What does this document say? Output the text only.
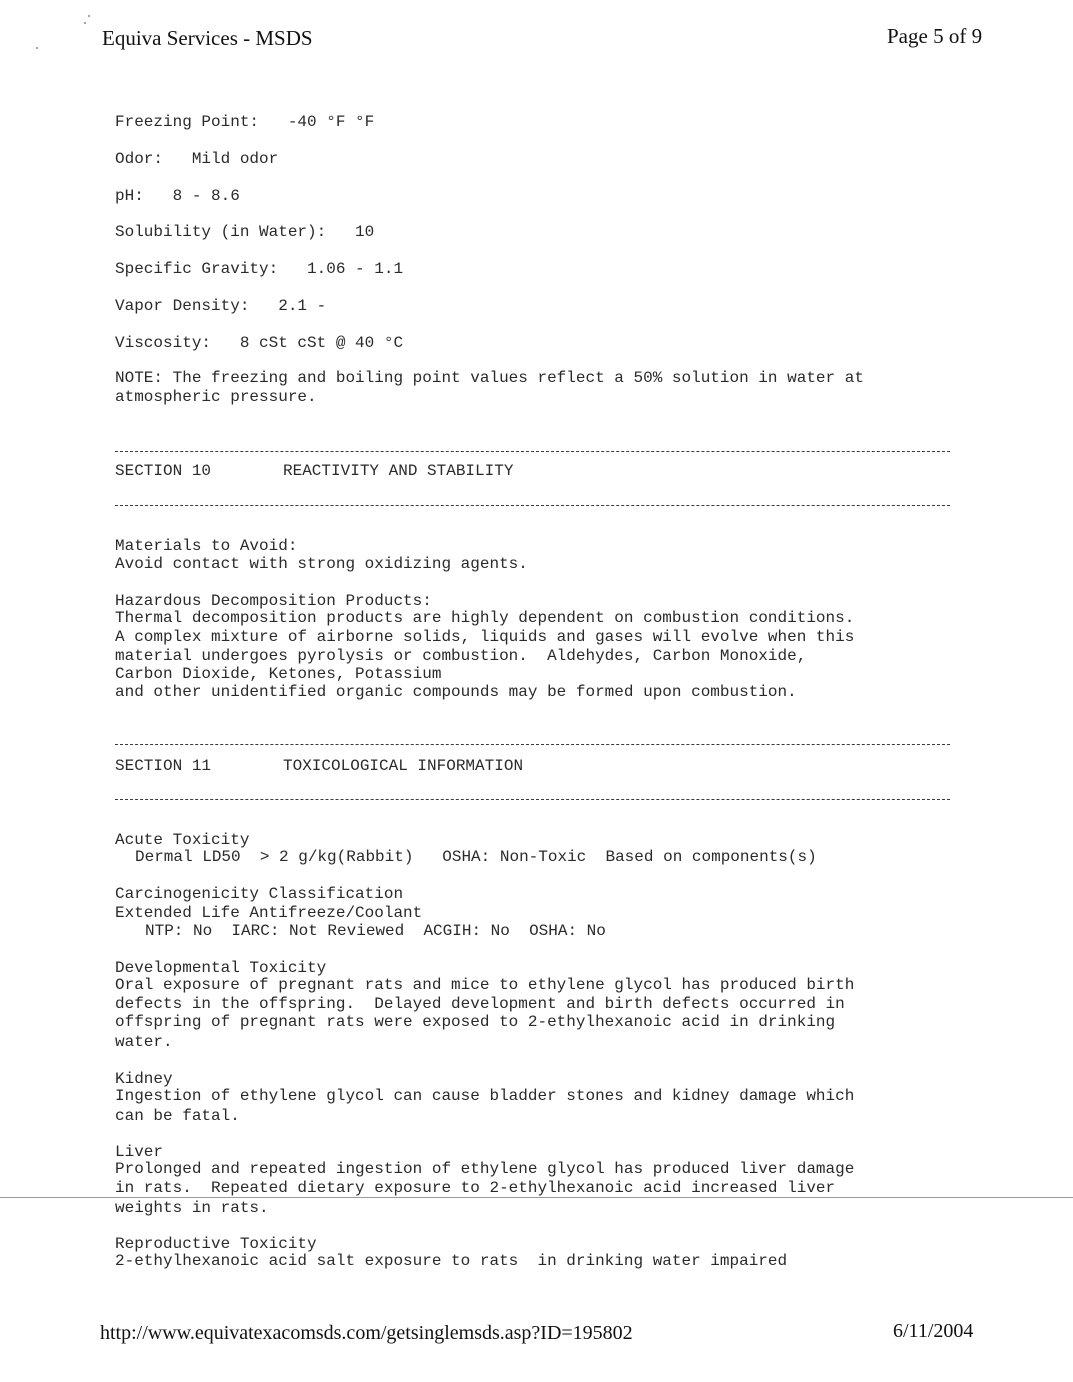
Equiva Services - MSDS	Page 5 of 9
Freezing Point:   -40 °F °F
Odor:   Mild odor
pH:   8 - 8.6
Solubility (in Water):   10
Specific Gravity:   1.06 - 1.1
Vapor Density:   2.1 -
Viscosity:   8 cSt cSt @ 40 °C
NOTE: The freezing and boiling point values reflect a 50% solution in water at
atmospheric pressure.
SECTION 10	REACTIVITY AND STABILITY
Materials to Avoid:
Avoid contact with strong oxidizing agents.
Hazardous Decomposition Products:
Thermal decomposition products are highly dependent on combustion conditions.
A complex mixture of airborne solids, liquids and gases will evolve when this
material undergoes pyrolysis or combustion.  Aldehydes, Carbon Monoxide,
Carbon Dioxide, Ketones, Potassium
and other unidentified organic compounds may be formed upon combustion.
SECTION 11	TOXICOLOGICAL INFORMATION
Acute Toxicity
Dermal LD50  > 2 g/kg(Rabbit)   OSHA: Non-Toxic  Based on components(s)
Carcinogenicity Classification
Extended Life Antifreeze/Coolant
NTP: No  IARC: Not Reviewed  ACGIH: No  OSHA: No
Developmental Toxicity
Oral exposure of pregnant rats and mice to ethylene glycol has produced birth
defects in the offspring.  Delayed development and birth defects occurred in
offspring of pregnant rats were exposed to 2-ethylhexanoic acid in drinking
water.
Kidney
Ingestion of ethylene glycol can cause bladder stones and kidney damage which
can be fatal.
Liver
Prolonged and repeated ingestion of ethylene glycol has produced liver damage
in rats.  Repeated dietary exposure to 2-ethylhexanoic acid increased liver
weights in rats.
Reproductive Toxicity
2-ethylhexanoic acid salt exposure to rats  in drinking water impaired
http://www.equivatexacomsds.com/getsinglemsds.asp?ID=195802	6/11/2004
